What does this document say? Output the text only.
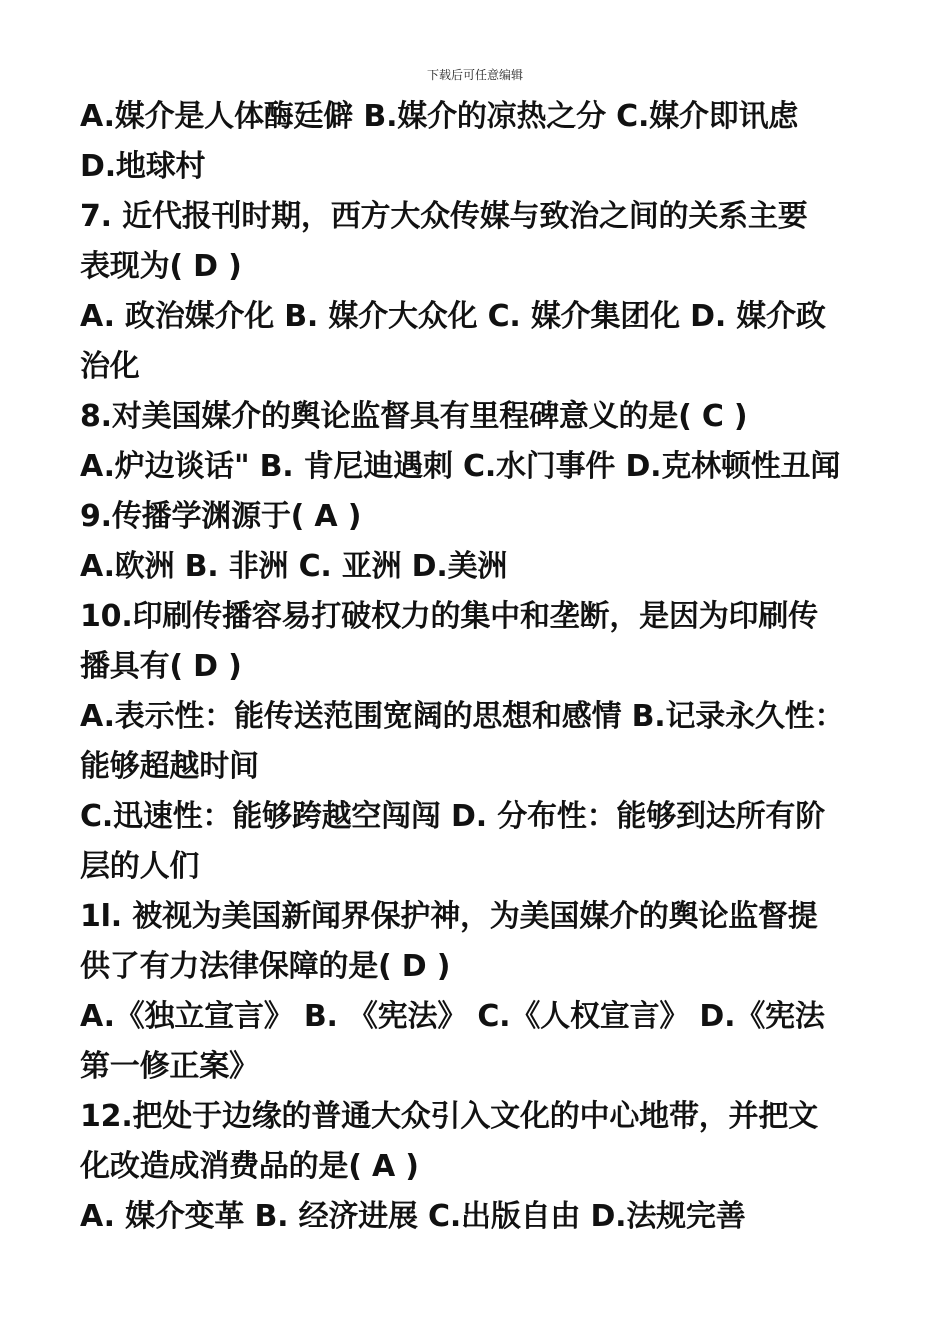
下载后可任意编辑
A.媒介是人体酶廷僻 B.媒介的凉热之分 C.媒介即讯虑
D.地球村
7. 近代报刊时期，西方大众传媒与致治之间的关系主要
表现为( D )
A. 政治媒介化 B. 媒介大众化 C. 媒介集团化 D. 媒介政
治化
8.对美国媒介的舆论监督具有里程碑意义的是( C )
A.炉边谈话" B. 肯尼迪遇刺 C.水门事件 D.克林顿性丑闻
9.传播学渊源于( A )
A.欧洲 B. 非洲 C. 亚洲 D.美洲
10.印刷传播容易打破权力的集中和垄断，是因为印刷传
播具有( D )
A.表示性：能传送范围宽阔的思想和感情 B.记录永久性：
能够超越时间
C.迅速性：能够跨越空闯闯 D. 分布性：能够到达所有阶
层的人们
1l. 被视为美国新闻界保护神，为美国媒介的舆论监督提
供了有力法律保障的是( D )
A.《独立宣言》 B. 《宪法》 C.《人权宣言》 D.《宪法
第一修正案》
12.把处于边缘的普通大众引入文化的中心地带，并把文
化改造成消费品的是( A )
A. 媒介变革 B. 经济进展 C.出版自由 D.法规完善
